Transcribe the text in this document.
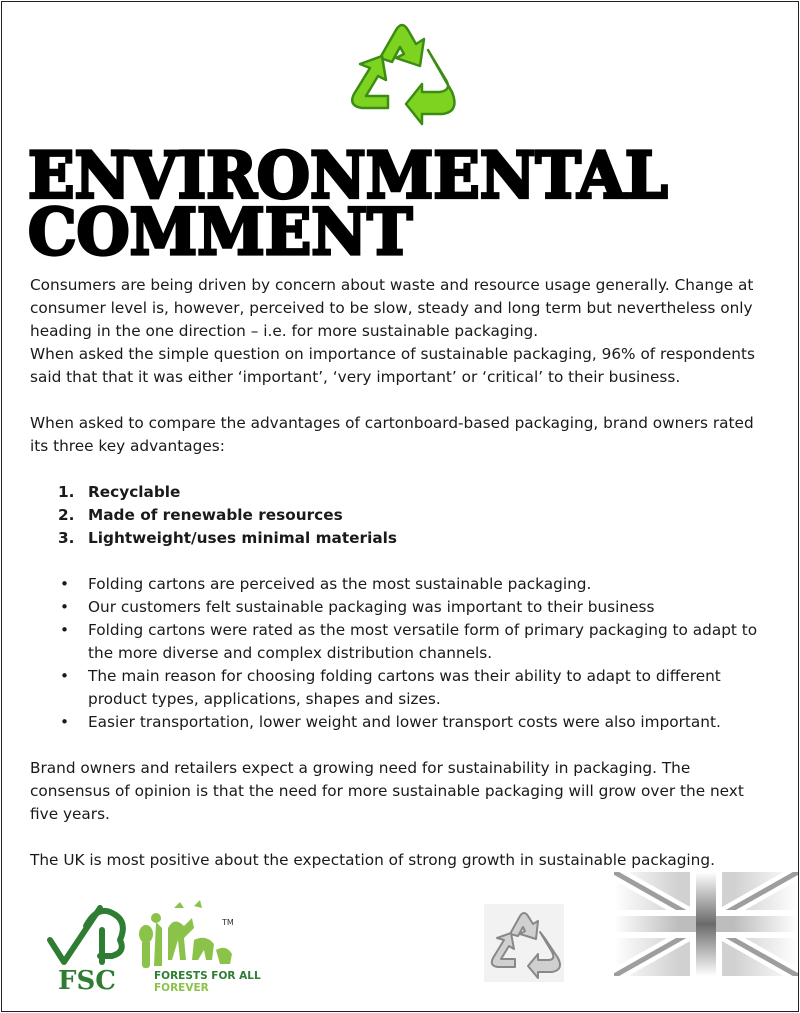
ENVIRONMENTAL
COMMENT

Consumers are being driven by concern about waste and resource usage generally. Change at consumer level is, however, perceived to be slow, steady and long term but nevertheless only heading in the one direction – i.e. for more sustainable packaging.

When asked the simple question on importance of sustainable packaging, 96% of respondents said that that it was either ‘important’, ‘very important’ or ‘critical’ to their business.

When asked to compare the advantages of cartonboard-based packaging, brand owners rated its three key advantages:

1. Recyclable
2. Made of renewable resources
3. Lightweight/uses minimal materials
• Folding cartons are perceived as the most sustainable packaging.
• Our customers felt sustainable packaging was important to their business
• Folding cartons were rated as the most versatile form of primary packaging to adapt to the more diverse and complex distribution channels.
• The main reason for choosing folding cartons was their ability to adapt to different product types, applications, shapes and sizes.
• Easier transportation, lower weight and lower transport costs were also important.

Brand owners and retailers expect a growing need for sustainability in packaging. The consensus of opinion is that the need for more sustainable packaging will grow over the next five years.

The UK is most positive about the expectation of strong growth in sustainable packaging.

FSC
TM
FORESTS FOR ALL
FOREVER
